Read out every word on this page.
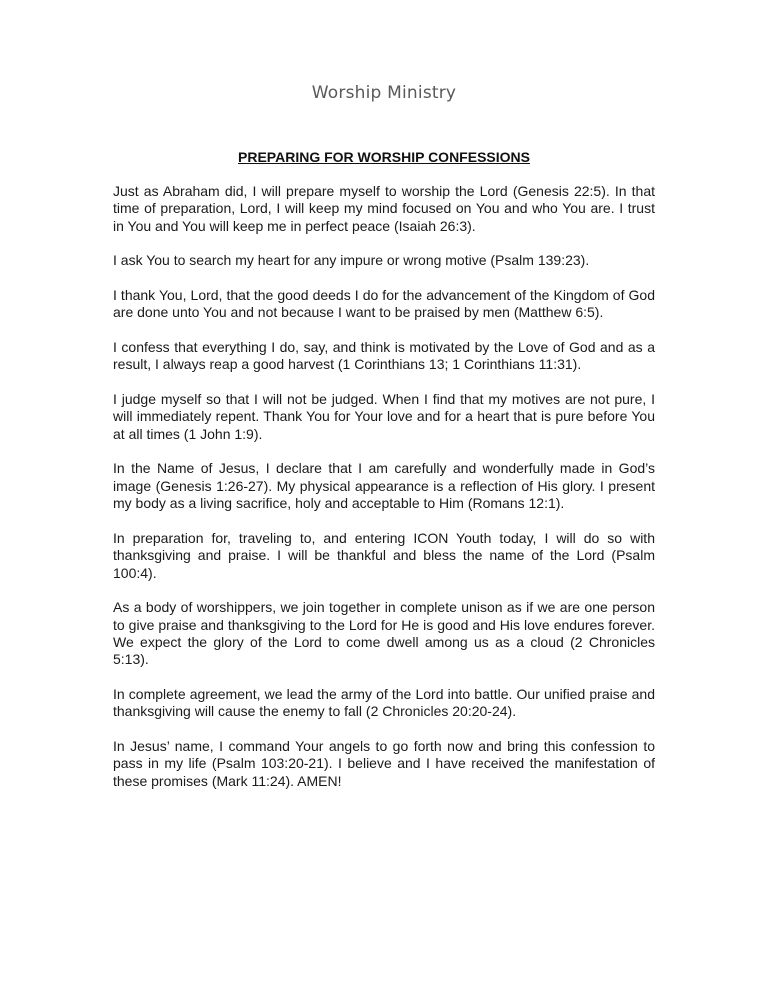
Worship Ministry
PREPARING FOR WORSHIP CONFESSIONS

Just as Abraham did, I will prepare myself to worship the Lord (Genesis 22:5). In that time of preparation, Lord, I will keep my mind focused on You and who You are. I trust in You and You will keep me in perfect peace (Isaiah 26:3).

I ask You to search my heart for any impure or wrong motive (Psalm 139:23).

I thank You, Lord, that the good deeds I do for the advancement of the Kingdom of God are done unto You and not because I want to be praised by men (Matthew 6:5).

I confess that everything I do, say, and think is motivated by the Love of God and as a result, I always reap a good harvest (1 Corinthians 13; 1 Corinthians 11:31).

I judge myself so that I will not be judged. When I find that my motives are not pure, I will immediately repent. Thank You for Your love and for a heart that is pure before You at all times (1 John 1:9).

In the Name of Jesus, I declare that I am carefully and wonderfully made in God’s image (Genesis 1:26-27). My physical appearance is a reflection of His glory. I present my body as a living sacrifice, holy and acceptable to Him (Romans 12:1).

In preparation for, traveling to, and entering ICON Youth today, I will do so with thanksgiving and praise. I will be thankful and bless the name of the Lord (Psalm 100:4).

As a body of worshippers, we join together in complete unison as if we are one person to give praise and thanksgiving to the Lord for He is good and His love endures forever. We expect the glory of the Lord to come dwell among us as a cloud (2 Chronicles 5:13).

In complete agreement, we lead the army of the Lord into battle. Our unified praise and thanksgiving will cause the enemy to fall (2 Chronicles 20:20-24).

In Jesus’ name, I command Your angels to go forth now and bring this confession to pass in my life (Psalm 103:20-21). I believe and I have received the manifestation of these promises (Mark 11:24). AMEN!
